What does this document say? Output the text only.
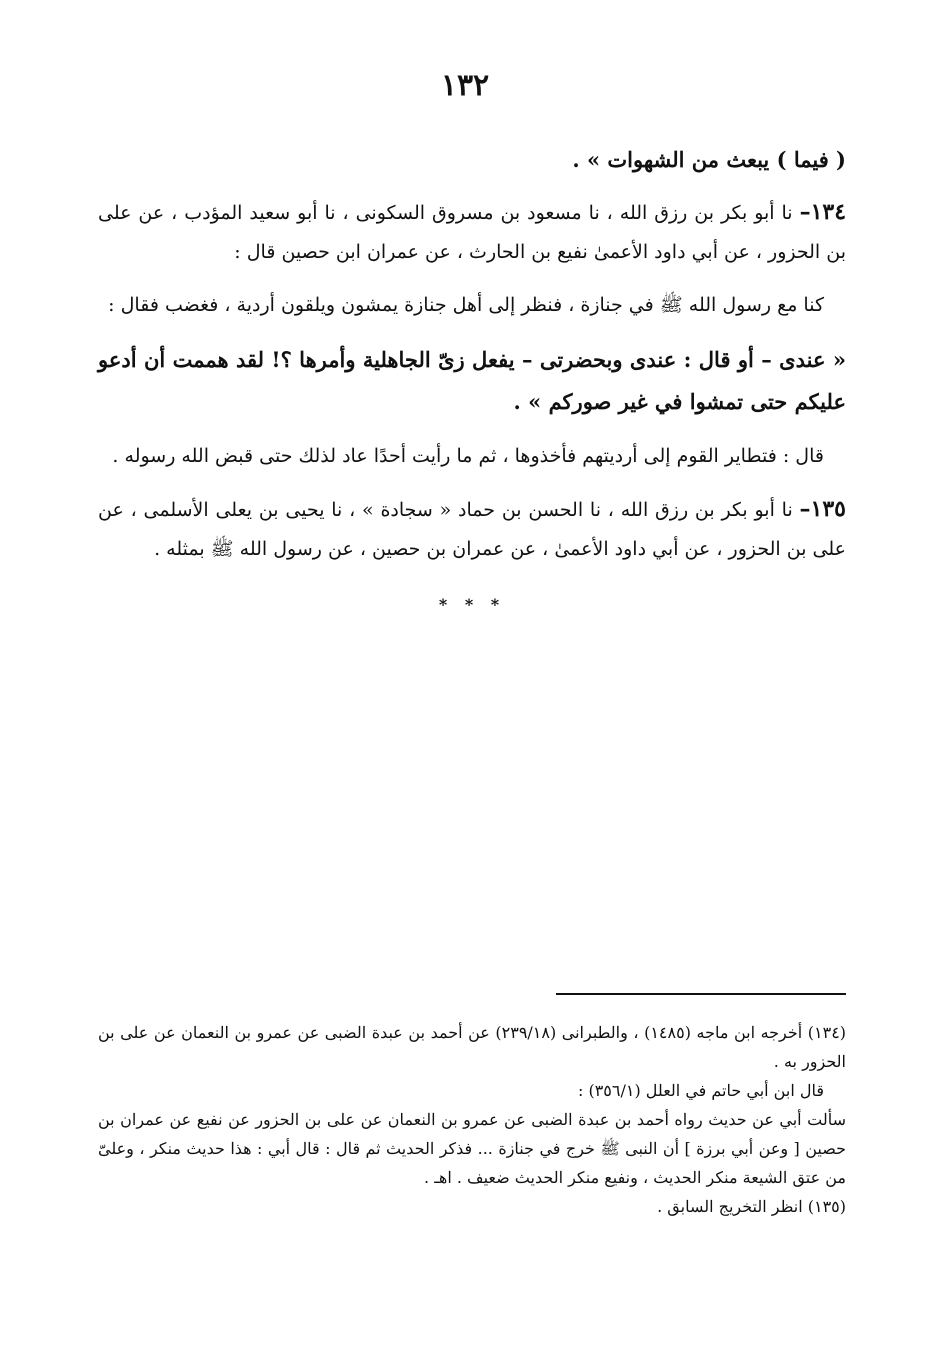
١٣٢

( فيما ) يبعث من الشهوات » .

١٣٤– نا أبو بكر بن رزق الله ، نا مسعود بن مسروق السكونى ، نا أبو سعيد المؤدب ، عن على بن الحزور ، عن أبي داود الأعمىٰ نفيع بن الحارث ، عن عمران ابن حصين قال :

كنا مع رسول الله ﷺ في جنازة ، فنظر إلى أهل جنازة يمشون ويلقون أردية ، فغضب فقال :

« عندى – أو قال : عندى وبحضرتى – يفعل زىّ الجاهلية وأمرها ؟! لقد هممت أن أدعو عليكم حتى تمشوا في غير صوركم » .

قال : فتطاير القوم إلى أرديتهم فأخذوها ، ثم ما رأيت أحدًا عاد لذلك حتى قبض الله رسوله .

١٣٥– نا أبو بكر بن رزق الله ، نا الحسن بن حماد « سجادة » ، نا يحيى بن يعلى الأسلمى ، عن على بن الحزور ، عن أبي داود الأعمىٰ ، عن عمران بن حصين ، عن رسول الله ﷺ بمثله .

* * *

(١٣٤) أخرجه ابن ماجه (١٤٨٥) ، والطبرانى (٢٣٩/١٨) عن أحمد بن عبدة الضبى عن عمرو بن النعمان عن على بن الحزور به .

قال ابن أبي حاتم في العلل (٣٥٦/١) :

سألت أبي عن حديث رواه أحمد بن عبدة الضبى عن عمرو بن النعمان عن على بن الحزور عن نفيع عن عمران بن حصين [ وعن أبي برزة ] أن النبى ﷺ خرج في جنازة ... فذكر الحديث ثم قال : قال أبي : هذا حديث منكر ، وعلىّ من عتق الشيعة منكر الحديث ، ونفيع منكر الحديث ضعيف . اهـ .

(١٣٥) انظر التخريج السابق .
